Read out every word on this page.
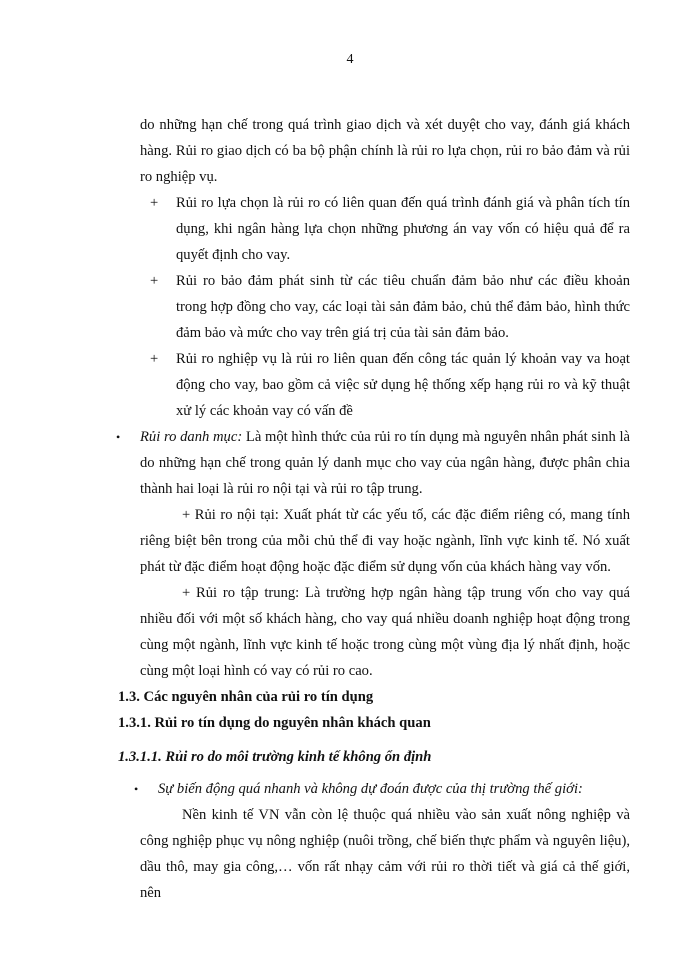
4

do những hạn chế trong quá trình giao dịch và xét duyệt cho vay, đánh giá khách hàng. Rủi ro giao dịch có ba bộ phận chính là rủi ro lựa chọn, rủi ro bảo đảm và rủi ro nghiệp vụ.

+ Rủi ro lựa chọn là rủi ro có liên quan đến quá trình đánh giá và phân tích tín dụng, khi ngân hàng lựa chọn những phương án vay vốn có hiệu quả để ra quyết định cho vay.

+ Rủi ro bảo đảm phát sinh từ các tiêu chuẩn đảm bảo như các điều khoản trong hợp đồng cho vay, các loại tài sản đảm bảo, chủ thể đảm bảo, hình thức đảm bảo và mức cho vay trên giá trị của tài sản đảm bảo.

+ Rủi ro nghiệp vụ là rủi ro liên quan đến công tác quản lý khoản vay va hoạt động cho vay, bao gồm cả việc sử dụng hệ thống xếp hạng rủi ro và kỹ thuật xử lý các khoản vay có vấn đề

• Rủi ro danh mục: Là một hình thức của rủi ro tín dụng mà nguyên nhân phát sinh là do những hạn chế trong quản lý danh mục cho vay của ngân hàng, được phân chia thành hai loại là rủi ro nội tại và rủi ro tập trung.

+ Rủi ro nội tại: Xuất phát từ các yếu tố, các đặc điểm riêng có, mang tính riêng biệt bên trong của mỗi chủ thể đi vay hoặc ngành, lĩnh vực kinh tế. Nó xuất phát từ đặc điểm hoạt động hoặc đặc điểm sử dụng vốn của khách hàng vay vốn.

+ Rủi ro tập trung: Là trường hợp ngân hàng tập trung vốn cho vay quá nhiều đối với một số khách hàng, cho vay quá nhiều doanh nghiệp hoạt động trong cùng một ngành, lĩnh vực kinh tế hoặc trong cùng một vùng địa lý nhất định, hoặc cùng một loại hình có vay có rủi ro cao.

1.3. Các nguyên nhân của rủi ro tín dụng

1.3.1. Rủi ro tín dụng do nguyên nhân khách quan

1.3.1.1. Rủi ro do môi trường kinh tế không ổn định

• Sự biến động quá nhanh và không dự đoán được của thị trường thế giới:

Nền kinh tế VN vẫn còn lệ thuộc quá nhiều vào sản xuất nông nghiệp và công nghiệp phục vụ nông nghiệp (nuôi trồng, chế biến thực phẩm và nguyên liệu), dầu thô, may gia công,… vốn rất nhạy cảm với rủi ro thời tiết và giá cả thế giới, nên
